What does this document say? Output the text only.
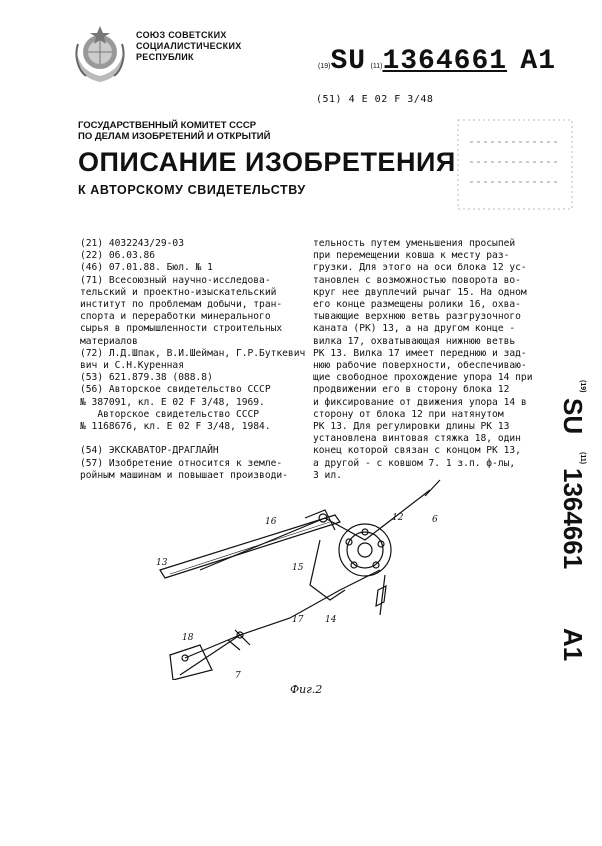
СОЮЗ СОВЕТСКИХ
СОЦИАЛИСТИЧЕСКИХ
РЕСПУБЛИК
(19)SU (11)1364661 A1
(51) 4 E 02 F 3/48
ГОСУДАРСТВЕННЫЙ КОМИТЕТ СССР
ПО ДЕЛАМ ИЗОБРЕТЕНИЙ И ОТКРЫТИЙ
ОПИСАНИЕ ИЗОБРЕТЕНИЯ
К АВТОРСКОМУ СВИДЕТЕЛЬСТВУ
(21) 4032243/29-03
(22) 06.03.86
(46) 07.01.88. Бюл. № 1
(71) Всесоюзный научно-исследова-
тельский и проектно-изыскательский
институт по проблемам добычи, тран-
спорта и переработки минерального
сырья в промышленности строительных
материалов
(72) Л.Д.Шпак, В.И.Шейман, Г.Р.Буткевич
вич и С.Н.Куренная
(53) 621.879.38 (088.8)
(56) Авторское свидетельство СССР
№ 387091, кл. E 02 F 3/48, 1969.
Авторское свидетельство СССР
№ 1168676, кл. E 02 F 3/48, 1984.

(54) ЭКСКАВАТОР-ДРАГЛАЙН
(57) Изобретение относится к земле-
ройным машинам и повышает производи-
тельность путем уменьшения просыпей
при перемещении ковша к месту раз-
грузки. Для этого на оси блока 12 ус-
тановлен с возможностью поворота во-
круг нее двуплечий рычаг 15. На одном
его конце размещены ролики 16, охва-
тывающие верхнюю ветвь разгрузочного
каната (РК) 13, а на другом конце -
вилка 17, охватывающая нижнюю ветвь
РК 13. Вилка 17 имеет переднюю и зад-
нюю рабочие поверхности, обеспечиваю-
щие свободное прохождение упора 14 при
продвижении его в сторону блока 12
и фиксирование от движения упора 14 в
сторону от блока 12 при натянутом
РК 13. Для регулировки длины РК 13
установлена винтовая стяжка 18, один
конец которой связан с концом РК 13,
а другой - с ковшом 7. 1 з.п. ф-лы,
3 ил.
(19)
SU
(11)
1364661
A1
16	12	6
13	15
17 14
18
7
Фиг.2
